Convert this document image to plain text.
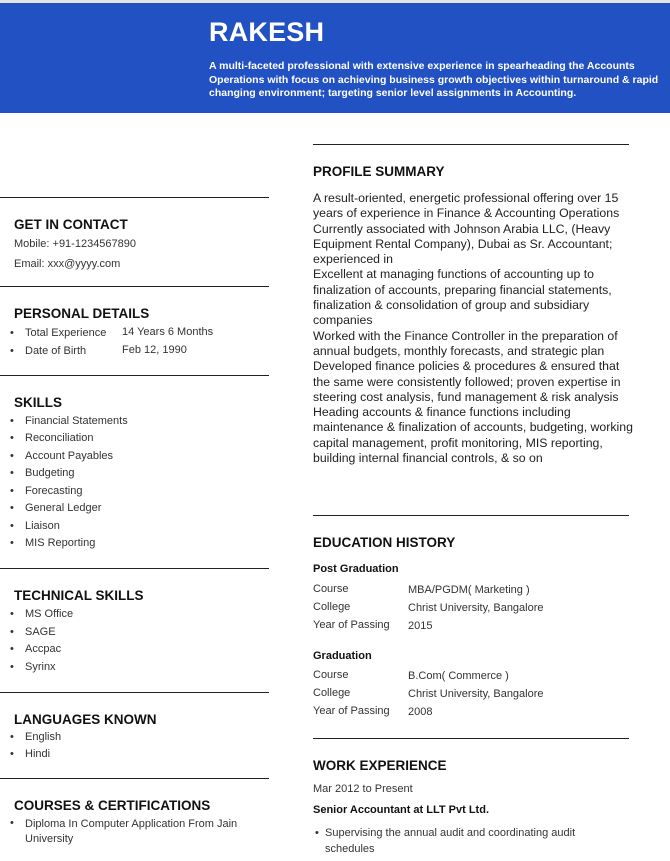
RAKESH
A multi-faceted professional with extensive experience in spearheading the Accounts Operations with focus on achieving business growth objectives within turnaround & rapid changing environment; targeting senior level assignments in Accounting.
GET IN CONTACT
Mobile: +91-1234567890
Email: xxx@yyyy.com
PERSONAL DETAILS
Total Experience 14 Years 6 Months
Date of Birth	Feb 12, 1990
SKILLS
Financial Statements
Reconciliation
Account Payables
Budgeting
Forecasting
General Ledger
Liaison
MIS Reporting
TECHNICAL SKILLS
MS Office
SAGE
Accpac
Syrinx
LANGUAGES KNOWN
English
Hindi
COURSES & CERTIFICATIONS
Diploma In Computer Application From Jain University
PROFILE SUMMARY
A result-oriented, energetic professional offering over 15 years of experience in Finance & Accounting Operations
Currently associated with Johnson Arabia LLC, (Heavy Equipment Rental Company), Dubai as Sr. Accountant; experienced in
Excellent at managing functions of accounting up to finalization of accounts, preparing financial statements, finalization & consolidation of group and subsidiary companies
Worked with the Finance Controller in the preparation of annual budgets, monthly forecasts, and strategic plan
Developed finance policies & procedures & ensured that the same were consistently followed; proven expertise in steering cost analysis, fund management & risk analysis
Heading accounts & finance functions including maintenance & finalization of accounts, budgeting, working capital management, profit monitoring, MIS reporting, building internal financial controls, & so on
EDUCATION HISTORY
Post Graduation
Course	MBA/PGDM( Marketing )
College	Christ University, Bangalore
Year of Passing 2015
Graduation
Course	B.Com( Commerce )
College	Christ University, Bangalore
Year of Passing 2008
WORK EXPERIENCE
Mar 2012 to Present
Senior Accountant at LLT Pvt Ltd.
• Supervising the annual audit and coordinating audit schedules
